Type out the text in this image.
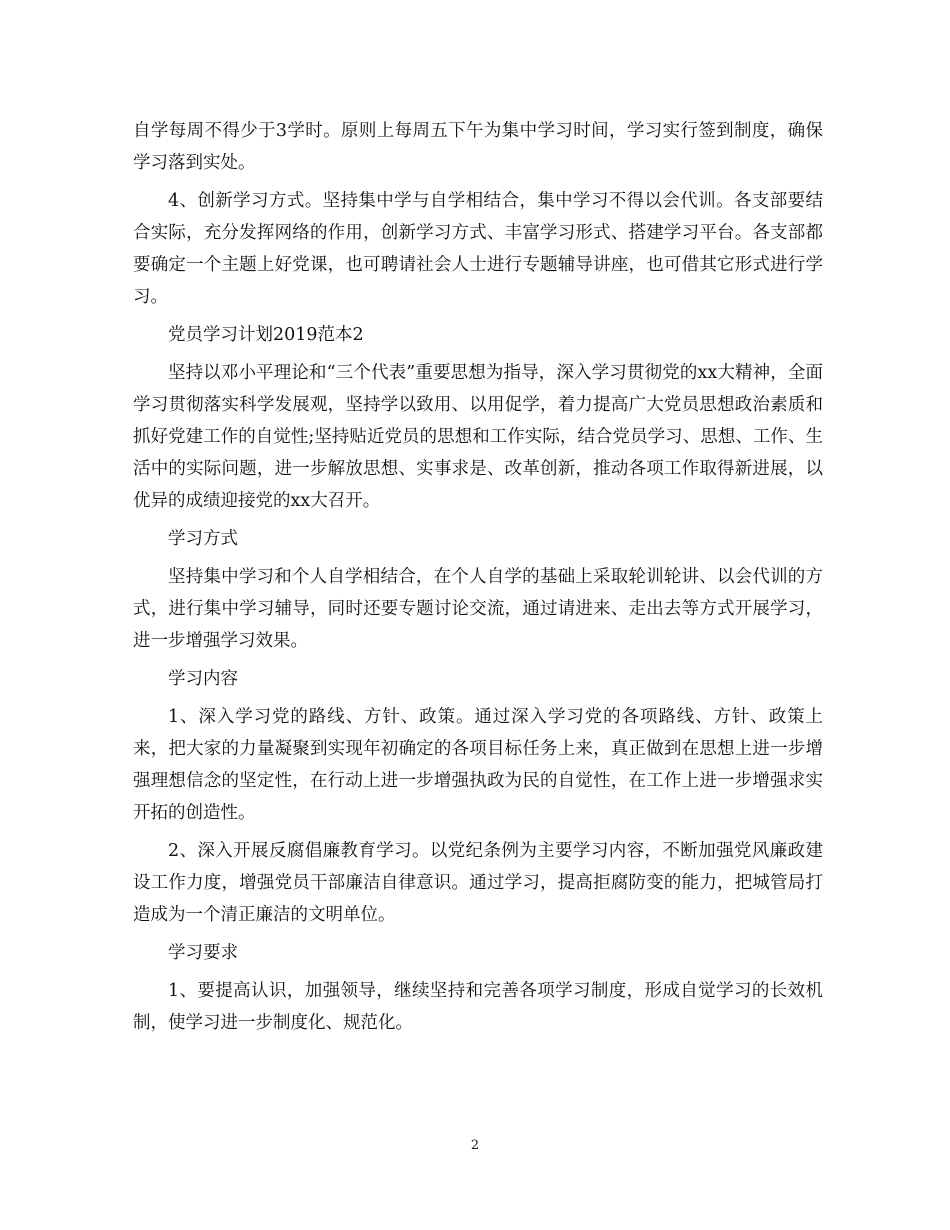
自学每周不得少于3学时。原则上每周五下午为集中学习时间，学习实行签到制度，确保学习落到实处。

4、创新学习方式。坚持集中学与自学相结合，集中学习不得以会代训。各支部要结合实际，充分发挥网络的作用，创新学习方式、丰富学习形式、搭建学习平台。各支部都要确定一个主题上好党课，也可聘请社会人士进行专题辅导讲座，也可借其它形式进行学习。

党员学习计划2019范本2

坚持以邓小平理论和“三个代表”重要思想为指导，深入学习贯彻党的xx大精神，全面学习贯彻落实科学发展观，坚持学以致用、以用促学，着力提高广大党员思想政治素质和抓好党建工作的自觉性;坚持贴近党员的思想和工作实际，结合党员学习、思想、工作、生活中的实际问题，进一步解放思想、实事求是、改革创新，推动各项工作取得新进展，以优异的成绩迎接党的xx大召开。

学习方式

坚持集中学习和个人自学相结合，在个人自学的基础上采取轮训轮讲、以会代训的方式，进行集中学习辅导，同时还要专题讨论交流，通过请进来、走出去等方式开展学习，进一步增强学习效果。

学习内容

1、深入学习党的路线、方针、政策。通过深入学习党的各项路线、方针、政策上来，把大家的力量凝聚到实现年初确定的各项目标任务上来，真正做到在思想上进一步增强理想信念的坚定性，在行动上进一步增强执政为民的自觉性，在工作上进一步增强求实开拓的创造性。

2、深入开展反腐倡廉教育学习。以党纪条例为主要学习内容，不断加强党风廉政建设工作力度，增强党员干部廉洁自律意识。通过学习，提高拒腐防变的能力，把城管局打造成为一个清正廉洁的文明单位。

学习要求

1、要提高认识，加强领导，继续坚持和完善各项学习制度，形成自觉学习的长效机制，使学习进一步制度化、规范化。

2
